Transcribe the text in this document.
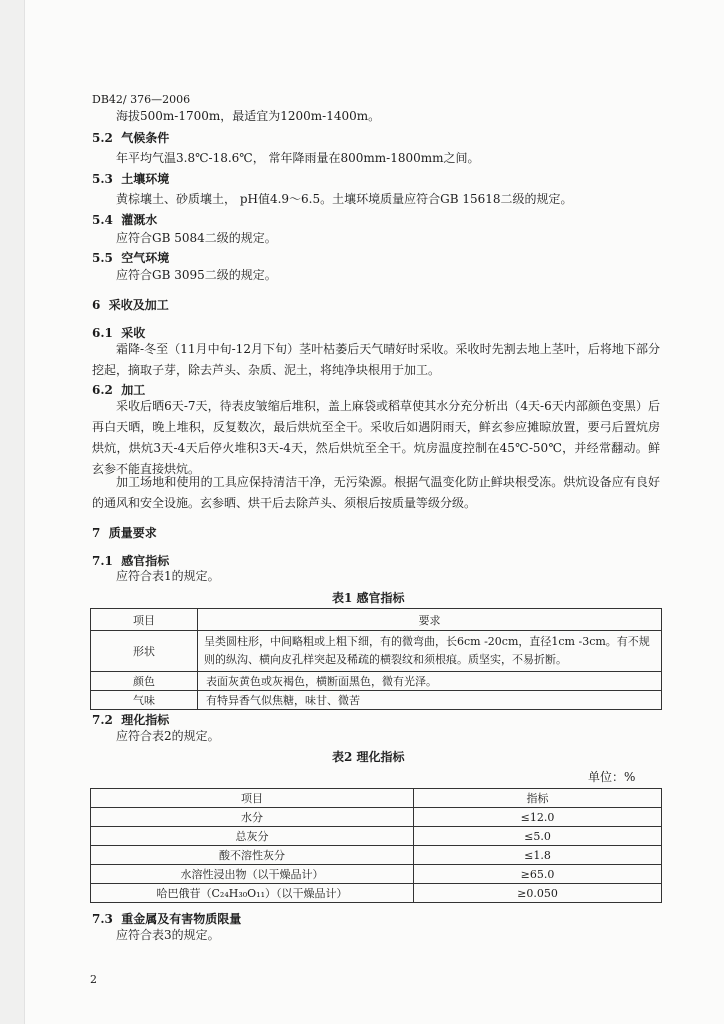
DB42/ 376—2006
海拔500m-1700m，最适宜为1200m-1400m。
5.2 气候条件
年平均气温3.8℃-18.6℃， 常年降雨量在800mm-1800mm之间。
5.3 土壤环境
黄棕壤土、砂质壤土， pH值4.9～6.5。土壤环境质量应符合GB 15618二级的规定。
5.4 灌溉水
应符合GB 5084二级的规定。
5.5 空气环境
应符合GB 3095二级的规定。
6 采收及加工
6.1 采收
霜降-冬至（11月中旬-12月下旬）茎叶枯萎后天气晴好时采收。采收时先割去地上茎叶，后将地下部分挖起，摘取子芽，除去芦头、杂质、泥土，将纯净块根用于加工。
6.2 加工
采收后晒6天-7天，待表皮皱缩后堆积，盖上麻袋或稻草使其水分充分析出（4天-6天内部颜色变黑）后再白天晒，晚上堆积，反复数次，最后烘炕至全干。采收后如遇阴雨天，鲜玄参应摊晾放置，要弓后置炕房烘炕，烘炕3天-4天后停火堆积3天-4天，然后烘炕至全干。炕房温度控制在45℃-50℃，并经常翻动。鲜玄参不能直接烘炕。
加工场地和使用的工具应保持清洁干净，无污染源。根据气温变化防止鲜块根受冻。烘炕设备应有良好的通风和安全设施。玄参晒、烘干后去除芦头、须根后按质量等级分级。
7 质量要求
7.1 感官指标
应符合表1的规定。
表1 感官指标
项目	要求
形状	呈类圆柱形，中间略粗或上粗下细，有的微弯曲，长6cm -20cm，直径1cm -3cm。有不规则的纵沟、横向皮孔样突起及稀疏的横裂纹和须根痕。质坚实，不易折断。
颜色	表面灰黄色或灰褐色，横断面黑色，微有光泽。
气味	有特异香气似焦糖，味甘、微苦
7.2 理化指标
应符合表2的规定。
表2 理化指标
单位：%
项目	指标
水分	≤12.0
总灰分	≤5.0
酸不溶性灰分	≤1.8
水溶性浸出物（以干燥品计）	≥65.0
哈巴俄苷（C₂₄H₃₀O₁₁）（以干燥品计）	≥0.050
7.3 重金属及有害物质限量
应符合表3的规定。
2
